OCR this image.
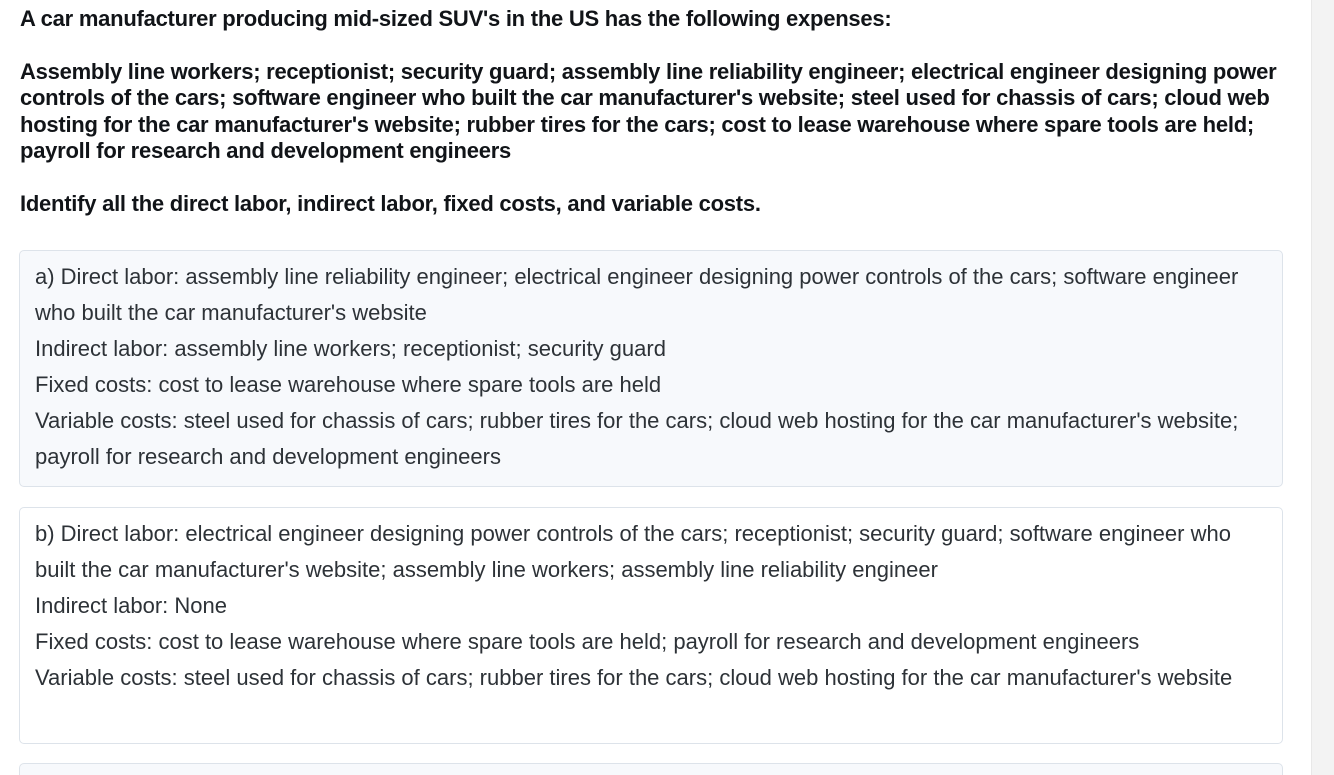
A car manufacturer producing mid-sized SUV's in the US has the following expenses:
Assembly line workers; receptionist; security guard; assembly line reliability engineer; electrical engineer designing power controls of the cars; software engineer who built the car manufacturer's website; steel used for chassis of cars; cloud web hosting for the car manufacturer's website; rubber tires for the cars; cost to lease warehouse where spare tools are held; payroll for research and development engineers
Identify all the direct labor, indirect labor, fixed costs, and variable costs.
a) Direct labor: assembly line reliability engineer; electrical engineer designing power controls of the cars; software engineer who built the car manufacturer's website
Indirect labor: assembly line workers; receptionist; security guard
Fixed costs: cost to lease warehouse where spare tools are held
Variable costs: steel used for chassis of cars; rubber tires for the cars; cloud web hosting for the car manufacturer's website; payroll for research and development engineers
b) Direct labor: electrical engineer designing power controls of the cars; receptionist; security guard; software engineer who built the car manufacturer's website; assembly line workers; assembly line reliability engineer
Indirect labor: None
Fixed costs: cost to lease warehouse where spare tools are held; payroll for research and development engineers
Variable costs: steel used for chassis of cars; rubber tires for the cars; cloud web hosting for the car manufacturer's website
